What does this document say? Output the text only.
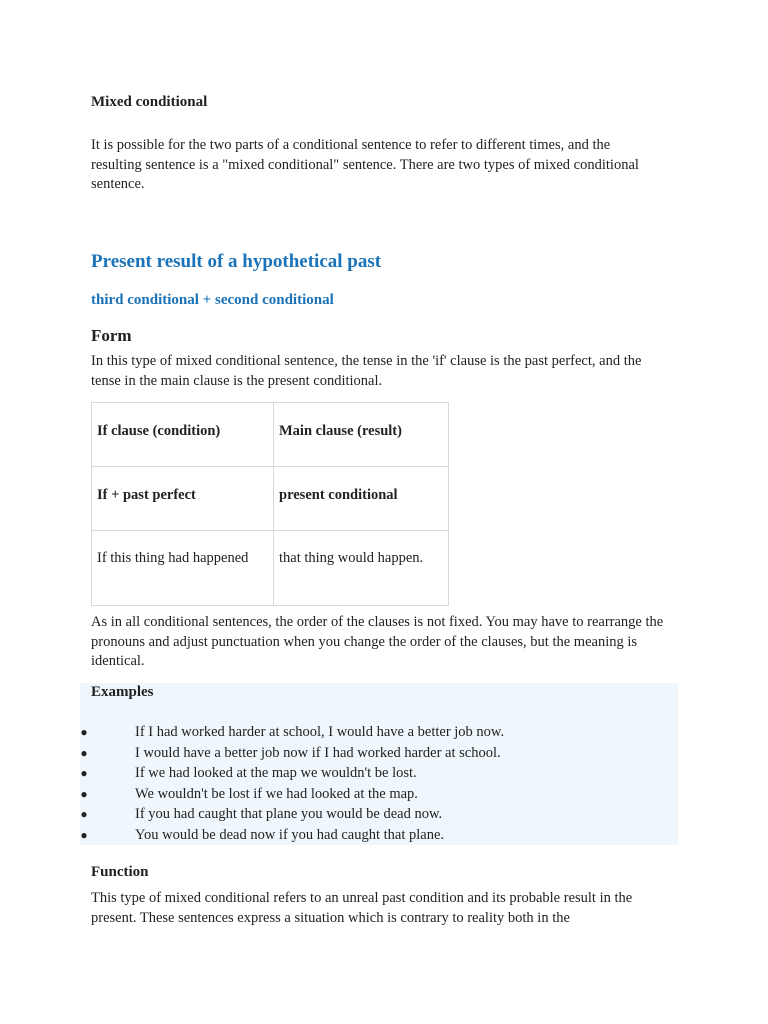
Mixed conditional

It is possible for the two parts of a conditional sentence to refer to different times, and the resulting sentence is a "mixed conditional" sentence. There are two types of mixed conditional sentence.

Present result of a hypothetical past
third conditional + second conditional
Form

In this type of mixed conditional sentence, the tense in the 'if' clause is the past perfect, and the tense in the main clause is the present conditional.

If clause (condition)	Main clause (result)
If + past perfect	present conditional
If this thing had happened	that thing would happen.

As in all conditional sentences, the order of the clauses is not fixed. You may have to rearrange the pronouns and adjust punctuation when you change the order of the clauses, but the meaning is identical.

Examples
●	If I had worked harder at school, I would have a better job now.
●	I would have a better job now if I had worked harder at school.
●	If we had looked at the map we wouldn't be lost.
●	We wouldn't be lost if we had looked at the map.
●	If you had caught that plane you would be dead now.
●	You would be dead now if you had caught that plane.
Function

This type of mixed conditional refers to an unreal past condition and its probable result in the present. These sentences express a situation which is contrary to reality both in the
